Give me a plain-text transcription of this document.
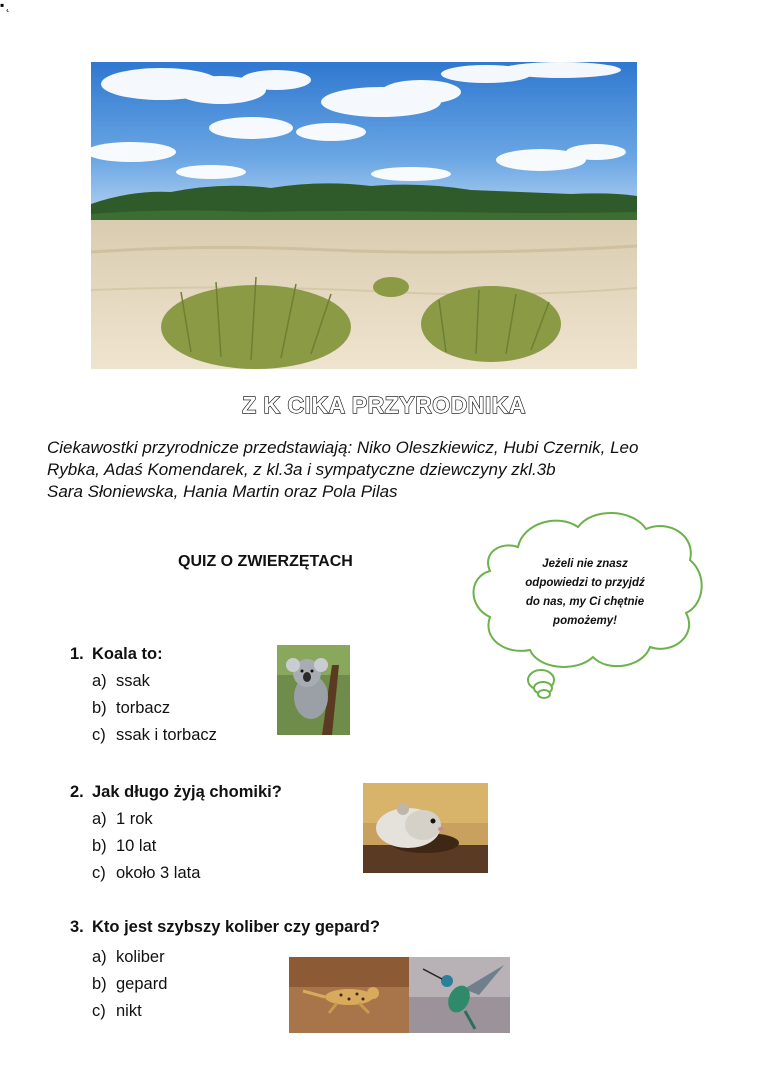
▪ ̨
Z K CIKA PRZYRODNIKA
Ciekawostki przyrodnicze przedstawiają: Niko Oleszkiewicz, Hubi Czernik, Leo
Rybka, Adaś Komendarek, z kl.3a i sympatyczne dziewczyny zkl.3b
Sara Słoniewska, Hania Martin oraz Pola Pilas
QUIZ O ZWIERZĘTACH	Jeżeli nie znasz
odpowiedzi to przyjdź
do nas, my Ci chętnie
pomożemy!
1. Koala to:
a) ssak
b) torbacz
c) ssak i torbacz
2. Jak długo żyją chomiki?
a) 1 rok
b) 10 lat
c) około 3 lata
3. Kto jest szybszy koliber czy gepard?
a) koliber
b) gepard
c) nikt
